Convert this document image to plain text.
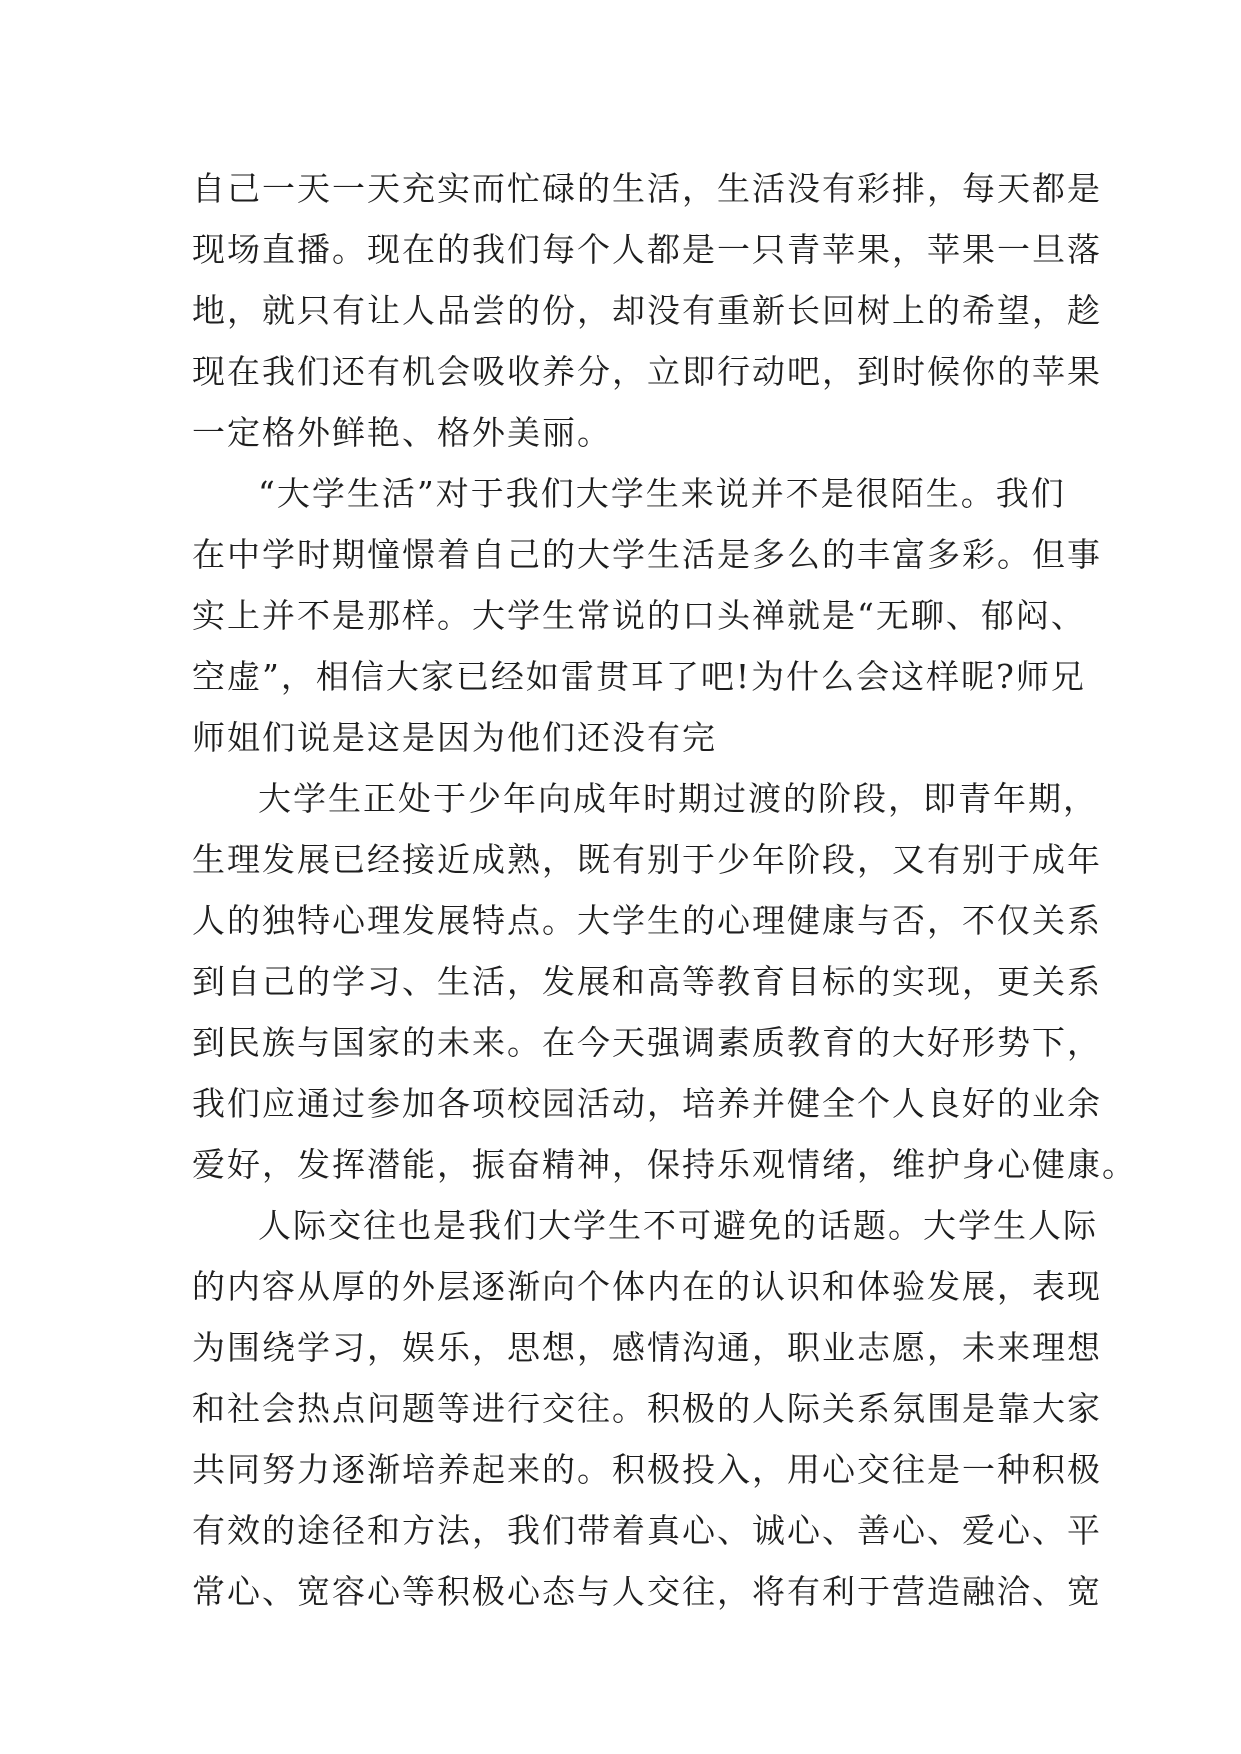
自己一天一天充实而忙碌的生活，生活没有彩排，每天都是
现场直播。现在的我们每个人都是一只青苹果，苹果一旦落
地，就只有让人品尝的份，却没有重新长回树上的希望，趁
现在我们还有机会吸收养分，立即行动吧，到时候你的苹果
一定格外鲜艳、格外美丽。
“大学生活”对于我们大学生来说并不是很陌生。我们
在中学时期憧憬着自己的大学生活是多么的丰富多彩。但事
实上并不是那样。大学生常说的口头禅就是“无聊、郁闷、
空虚”，相信大家已经如雷贯耳了吧!为什么会这样昵?师兄
师姐们说是这是因为他们还没有完
大学生正处于少年向成年时期过渡的阶段，即青年期，
生理发展已经接近成熟，既有别于少年阶段，又有别于成年
人的独特心理发展特点。大学生的心理健康与否，不仅关系
到自己的学习、生活，发展和高等教育目标的实现，更关系
到民族与国家的未来。在今天强调素质教育的大好形势下，
我们应通过参加各项校园活动，培养并健全个人良好的业余
爱好，发挥潜能，振奋精神，保持乐观情绪，维护身心健康。
人际交往也是我们大学生不可避免的话题。大学生人际
的内容从厚的外层逐渐向个体内在的认识和体验发展，表现
为围绕学习，娱乐，思想，感情沟通，职业志愿，未来理想
和社会热点问题等进行交往。积极的人际关系氛围是靠大家
共同努力逐渐培养起来的。积极投入，用心交往是一种积极
有效的途径和方法，我们带着真心、诚心、善心、爱心、平
常心、宽容心等积极心态与人交往，将有利于营造融洽、宽
